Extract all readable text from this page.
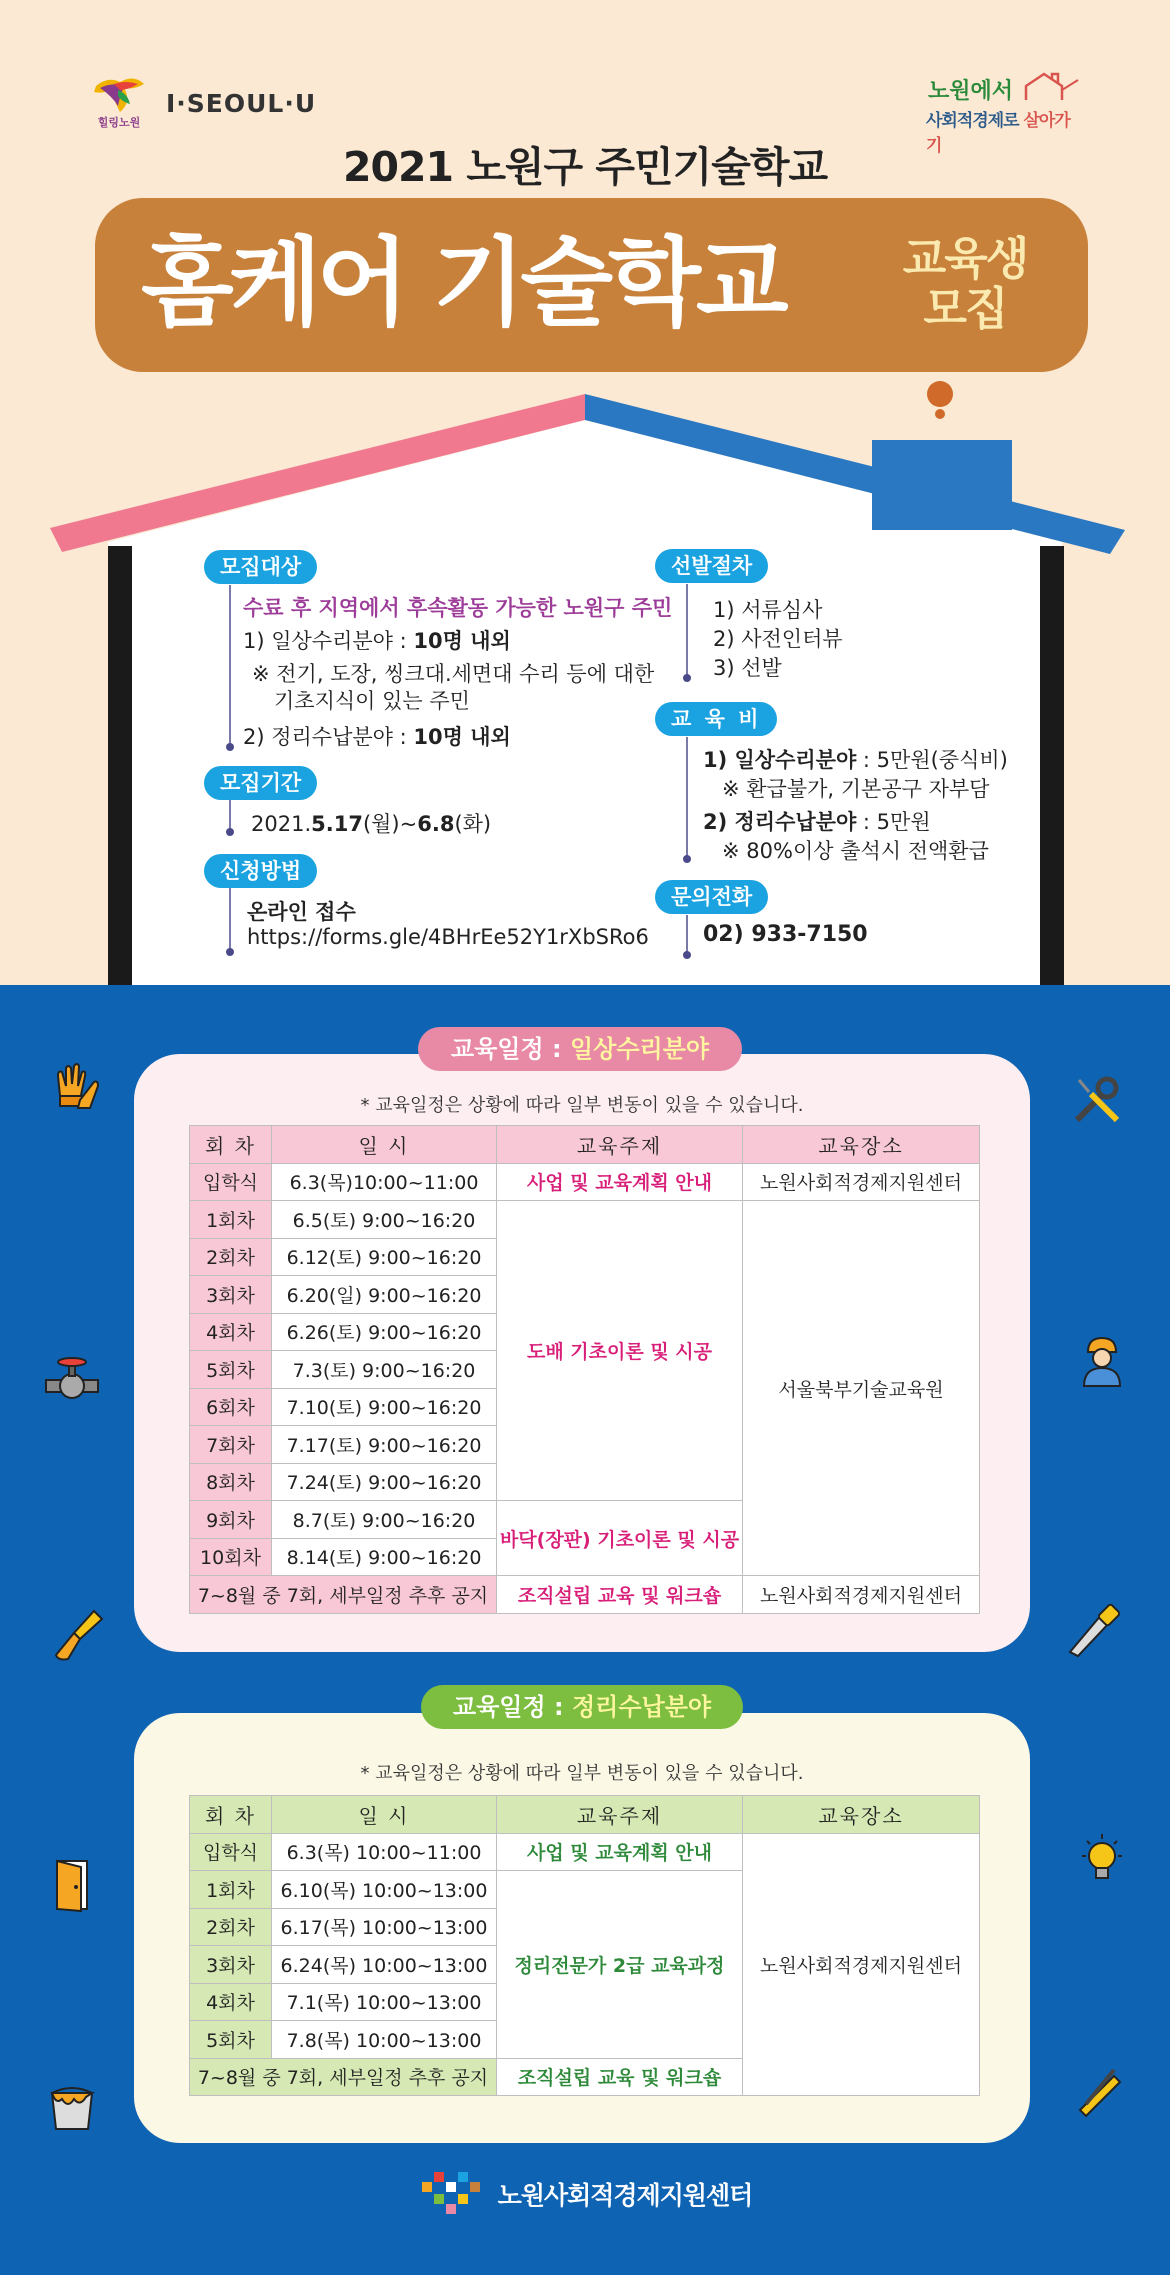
힐링노원
I·SEOUL·U	노원에서
사회적경제로 살아가기
2021 노원구 주민기술학교
홈케어 기술학교	교육생
모집
모집대상
수료 후 지역에서 후속활동 가능한 노원구 주민
1) 일상수리분야 : 10명 내외
※ 전기, 도장, 씽크대.세면대 수리 등에 대한
기초지식이 있는 주민
2) 정리수납분야 : 10명 내외
모집기간
2021.5.17(월)~6.8(화)
신청방법
온라인 접수
https://forms.gle/4BHrEe52Y1rXbSRo6
선발절차
1) 서류심사
2) 사전인터뷰
3) 선발
교 육 비
1) 일상수리분야 : 5만원(중식비)
※ 환급불가, 기본공구 자부담
2) 정리수납분야 : 5만원
※ 80%이상 출석시 전액환급
문의전화
02) 933-7150
교육일정 : 일상수리분야
* 교육일정은 상황에 따라 일부 변동이 있을 수 있습니다.
회 차	일 시	교육주제	교육장소
입학식	6.3(목)10:00~11:00	사업 및 교육계획 안내	노원사회적경제지원센터
1회차	6.5(토) 9:00~16:20	도배 기초이론 및 시공	서울북부기술교육원
2회차	6.12(토) 9:00~16:20		
3회차	6.20(일) 9:00~16:20		
4회차	6.26(토) 9:00~16:20		
5회차	7.3(토) 9:00~16:20		
6회차	7.10(토) 9:00~16:20		
7회차	7.17(토) 9:00~16:20		
8회차	7.24(토) 9:00~16:20		
9회차	8.7(토) 9:00~16:20	바닥(장판) 기초이론 및 시공	
10회차	8.14(토) 9:00~16:20		
7~8월 중 7회, 세부일정 추후 공지		조직설립 교육 및 워크숍	노원사회적경제지원센터
교육일정 : 정리수납분야
* 교육일정은 상황에 따라 일부 변동이 있을 수 있습니다.
회 차	일 시	교육주제	교육장소
입학식	6.3(목) 10:00~11:00	사업 및 교육계획 안내	노원사회적경제지원센터
1회차	6.10(목) 10:00~13:00	정리전문가 2급 교육과정	
2회차	6.17(목) 10:00~13:00		
3회차	6.24(목) 10:00~13:00		
4회차	7.1(목) 10:00~13:00		
5회차	7.8(목) 10:00~13:00		
7~8월 중 7회, 세부일정 추후 공지		조직설립 교육 및 워크숍	
노원사회적경제지원센터
